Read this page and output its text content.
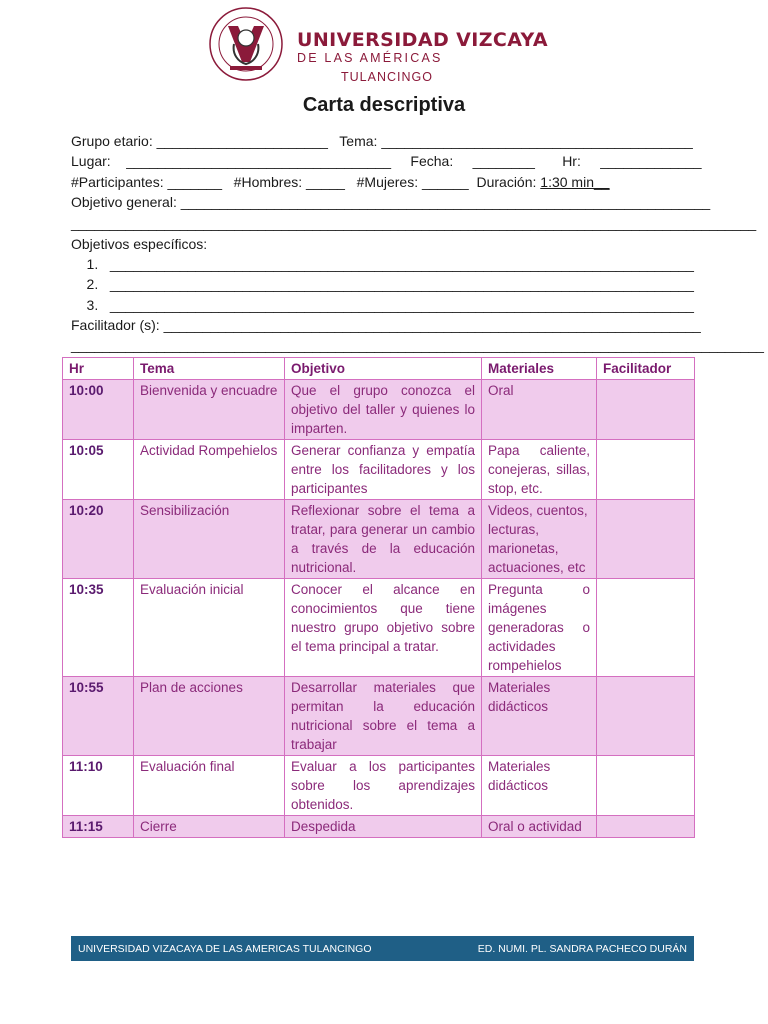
UNIVERSIDAD VIZCAYA
DE LAS AMÉRICAS
TULANCINGO
Carta descriptiva
Grupo etario: ______________________   Tema: ________________________________________
Lugar:    __________________________________     Fecha:     ________       Hr:     _____________
#Participantes: _______   #Hombres: _____   #Mujeres: ______  Duración: 1:30 min__
Objetivo general: ____________________________________________________________________
________________________________________________________________________________________
Objetivos específicos:
1.   ___________________________________________________________________________
2.   ___________________________________________________________________________
3.   ___________________________________________________________________________
Facilitador (s): _____________________________________________________________________
_________________________________________________________________________________________
Hr	Tema	Objetivo	Materiales	Facilitador
10:00	Bienvenida y encuadre	Que el grupo conozca el objetivo del taller y quienes lo imparten.	Oral	
10:05	Actividad Rompehielos	Generar confianza y empatía entre los facilitadores y los participantes	Papa caliente, conejeras, sillas, stop, etc.	
10:20	Sensibilización	Reflexionar sobre el tema a tratar, para generar un cambio a través de la educación nutricional.	Videos, cuentos, lecturas, marionetas, actuaciones, etc	
10:35	Evaluación inicial	Conocer el alcance en conocimientos que tiene nuestro grupo objetivo sobre el tema principal a tratar.	Pregunta o imágenes generadoras o actividades rompehielos	
10:55	Plan de acciones	Desarrollar materiales que permitan la educación nutricional sobre el tema a trabajar	Materiales didácticos	
11:10	Evaluación final	Evaluar a los participantes sobre los aprendizajes obtenidos.	Materiales didácticos	
11:15	Cierre	Despedida	Oral o actividad	
UNIVERSIDAD VIZACAYA DE LAS AMERICAS TULANCINGO	ED. NUMI. PL. SANDRA PACHECO DURÁN
